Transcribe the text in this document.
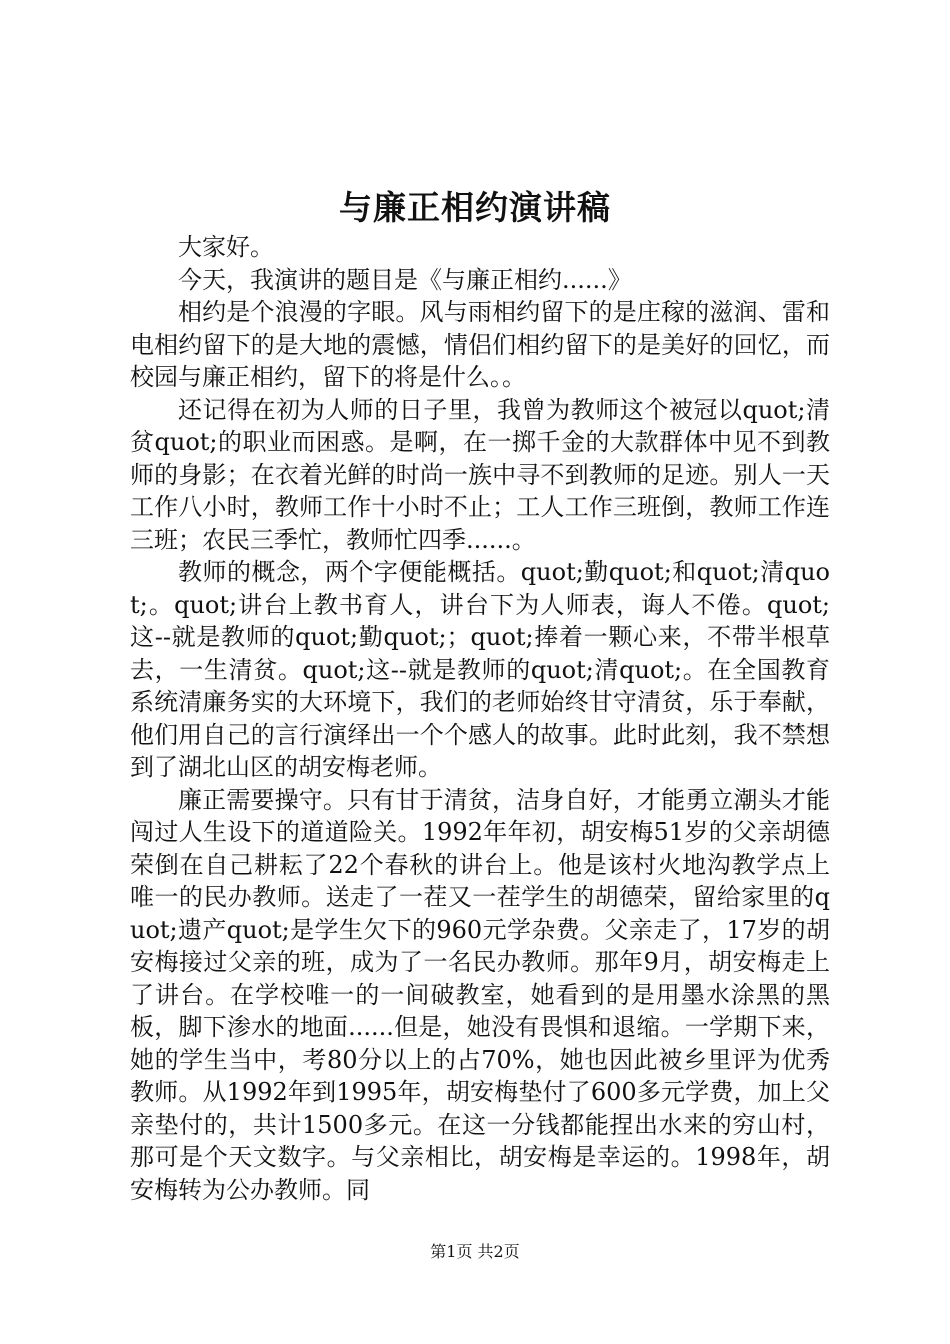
与廉正相约演讲稿

大家好。

今天，我演讲的题目是《与廉正相约......》

相约是个浪漫的字眼。风与雨相约留下的是庄稼的滋润、雷和电相约留下的是大地的震憾，情侣们相约留下的是美好的回忆，而校园与廉正相约，留下的将是什么。。

还记得在初为人师的日子里，我曾为教师这个被冠以quot;清贫quot;的职业而困惑。是啊，在一掷千金的大款群体中见不到教师的身影；在衣着光鲜的时尚一族中寻不到教师的足迹。别人一天工作八小时，教师工作十小时不止；工人工作三班倒，教师工作连三班；农民三季忙，教师忙四季......。

教师的概念，两个字便能概括。quot;勤quot;和quot;清quot;。quot;讲台上教书育人，讲台下为人师表，诲人不倦。quot;这--就是教师的quot;勤quot;；quot;捧着一颗心来，不带半根草去，一生清贫。quot;这--就是教师的quot;清quot;。在全国教育系统清廉务实的大环境下，我们的老师始终甘守清贫，乐于奉献，他们用自己的言行演绎出一个个感人的故事。此时此刻，我不禁想到了湖北山区的胡安梅老师。

廉正需要操守。只有甘于清贫，洁身自好，才能勇立潮头才能闯过人生设下的道道险关。1992年年初，胡安梅51岁的父亲胡德荣倒在自己耕耘了22个春秋的讲台上。他是该村火地沟教学点上唯一的民办教师。送走了一茬又一茬学生的胡德荣，留给家里的quot;遗产quot;是学生欠下的960元学杂费。父亲走了，17岁的胡安梅接过父亲的班，成为了一名民办教师。那年9月，胡安梅走上了讲台。在学校唯一的一间破教室，她看到的是用墨水涂黑的黑板，脚下渗水的地面......但是，她没有畏惧和退缩。一学期下来，她的学生当中，考80分以上的占70%，她也因此被乡里评为优秀教师。从1992年到1995年，胡安梅垫付了600多元学费，加上父亲垫付的，共计1500多元。在这一分钱都能捏出水来的穷山村，那可是个天文数字。与父亲相比，胡安梅是幸运的。1998年，胡安梅转为公办教师。同

第1页 共2页
